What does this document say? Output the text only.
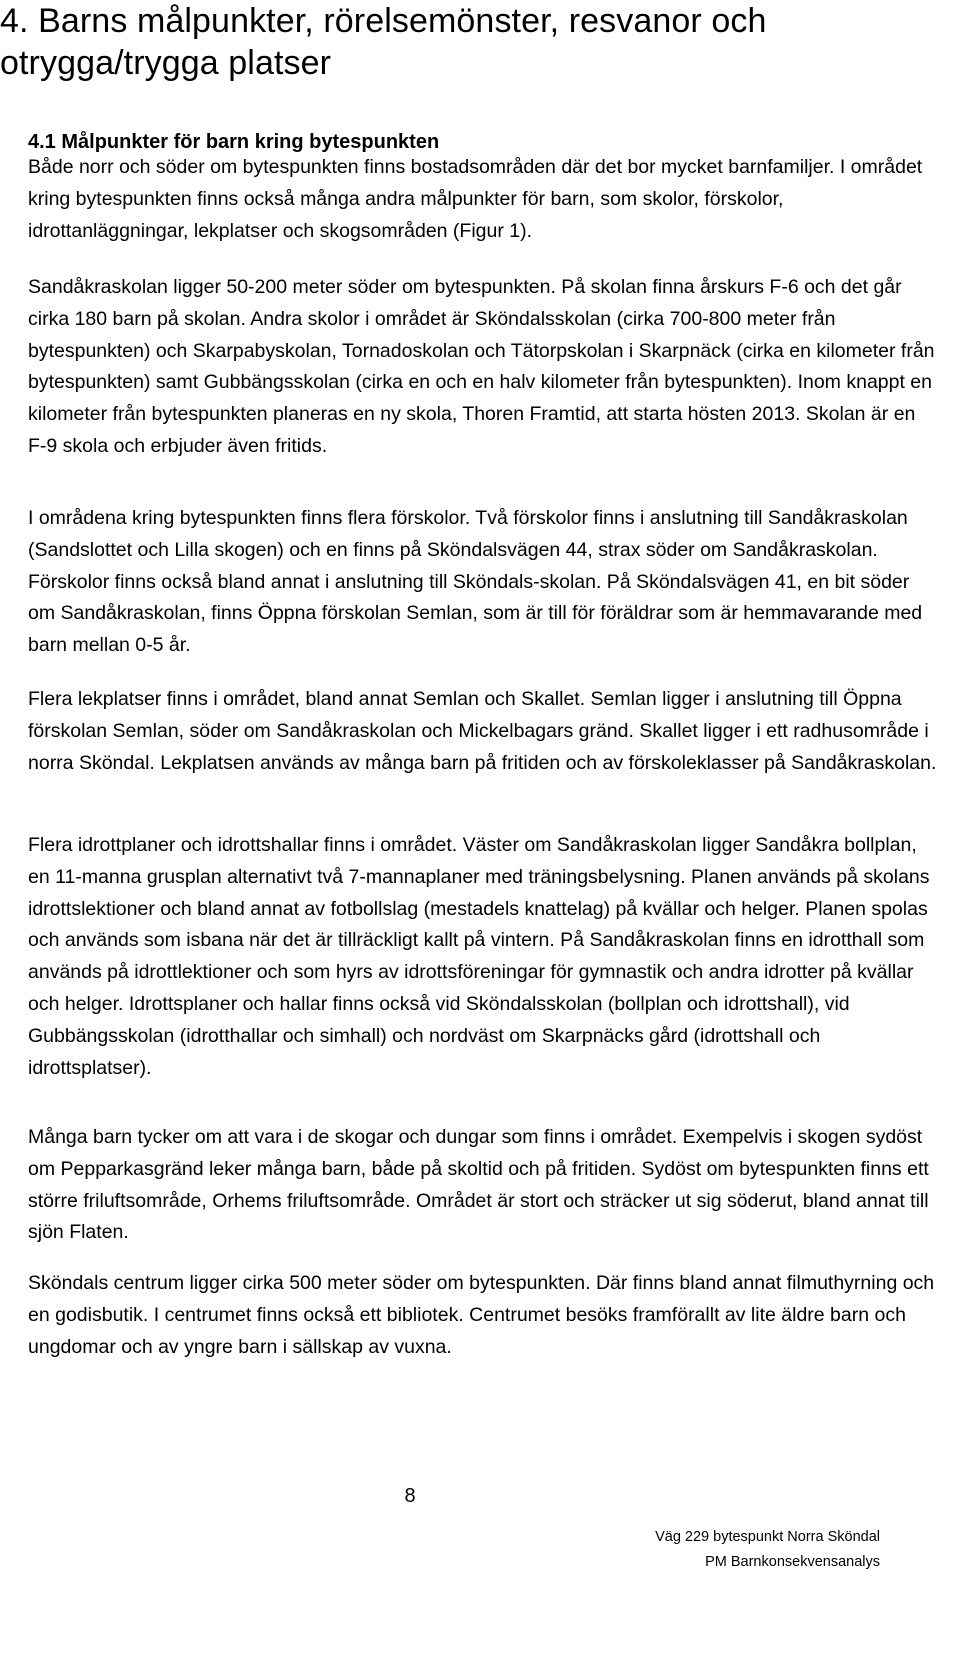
4. Barns målpunkter, rörelsemönster, resvanor och
otrygga/trygga platser
4.1 Målpunkter för barn kring bytespunkten

Både norr och söder om bytespunkten finns bostadsområden där det bor mycket barnfamiljer. I området kring bytespunkten finns också många andra målpunkter för barn, som skolor, förskolor, idrottanläggningar, lekplatser och skogsområden (Figur 1).

Sandåkraskolan ligger 50-200 meter söder om bytespunkten. På skolan finna årskurs F-6 och det går cirka 180 barn på skolan. Andra skolor i området är Sköndalsskolan (cirka 700-800 meter från bytespunkten) och Skarpabyskolan, Tornadoskolan och Tätorpskolan i Skarpnäck (cirka en kilometer från bytespunkten) samt Gubbängsskolan (cirka en och en halv kilometer från bytespunkten). Inom knappt en kilometer från bytespunkten planeras en ny skola, Thoren Framtid, att starta hösten 2013. Skolan är en F-9 skola och erbjuder även fritids.

I områdena kring bytespunkten finns flera förskolor. Två förskolor finns i anslutning till Sandåkraskolan (Sandslottet och Lilla skogen) och en finns på Sköndalsvägen 44, strax söder om Sandåkraskolan. Förskolor finns också bland annat i anslutning till Sköndals-skolan. På Sköndalsvägen 41, en bit söder om Sandåkraskolan, finns Öppna förskolan Semlan, som är till för föräldrar som är hemmavarande med barn mellan 0-5 år.

Flera lekplatser finns i området, bland annat Semlan och Skallet. Semlan ligger i anslutning till Öppna förskolan Semlan, söder om Sandåkraskolan och Mickelbagars gränd. Skallet ligger i ett radhusområde i norra Sköndal. Lekplatsen används av många barn på fritiden och av förskoleklasser på Sandåkraskolan.

Flera idrottplaner och idrottshallar finns i området. Väster om Sandåkraskolan ligger Sandåkra bollplan, en 11-manna grusplan alternativt två 7-mannaplaner med träningsbelysning. Planen används på skolans idrottslektioner och bland annat av fotbollslag (mestadels knattelag) på kvällar och helger. Planen spolas och används som isbana när det är tillräckligt kallt på vintern. På Sandåkraskolan finns en idrotthall som används på idrottlektioner och som hyrs av idrottsföreningar för gymnastik och andra idrotter på kvällar och helger. Idrottsplaner och hallar finns också vid Sköndalsskolan (bollplan och idrottshall), vid Gubbängsskolan (idrotthallar och simhall) och nordväst om Skarpnäcks gård (idrottshall och idrottsplatser).

Många barn tycker om att vara i de skogar och dungar som finns i området. Exempelvis i skogen sydöst om Pepparkasgränd leker många barn, både på skoltid och på fritiden. Sydöst om bytespunkten finns ett större friluftsområde, Orhems friluftsområde. Området är stort och sträcker ut sig söderut, bland annat till sjön Flaten.

Sköndals centrum ligger cirka 500 meter söder om bytespunkten. Där finns bland annat filmuthyrning och en godisbutik. I centrumet finns också ett bibliotek. Centrumet besöks framförallt av lite äldre barn och ungdomar och av yngre barn i sällskap av vuxna.

8
Väg 229 bytespunkt Norra Sköndal
PM Barnkonsekvensanalys
